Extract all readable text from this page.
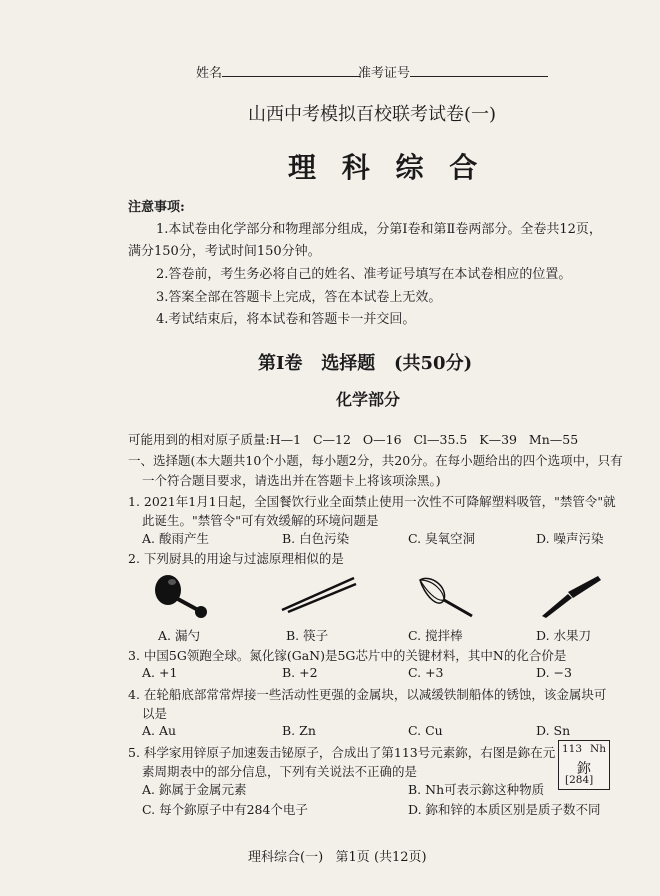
姓名	准考证号
山西中考模拟百校联考试卷(一)
理 科 综 合
注意事项:
1.本试卷由化学部分和物理部分组成，分第Ⅰ卷和第Ⅱ卷两部分。全卷共12页，
满分150分，考试时间150分钟。
2.答卷前，考生务必将自己的姓名、准考证号填写在本试卷相应的位置。
3.答案全部在答题卡上完成，答在本试卷上无效。
4.考试结束后，将本试卷和答题卡一并交回。
第Ⅰ卷   选择题   (共50分)
化学部分
可能用到的相对原子质量:H—1   C—12   O—16   Cl—35.5   K—39   Mn—55
一、选择题(本大题共10个小题，每小题2分，共20分。在每小题给出的四个选项中，只有
一个符合题目要求，请选出并在答题卡上将该项涂黑。)
1. 2021年1月1日起，全国餐饮行业全面禁止使用一次性不可降解塑料吸管，"禁管令"就
此诞生。"禁管令"可有效缓解的环境问题是
A. 酸雨产生	B. 白色污染	C. 臭氧空洞	D. 噪声污染
2. 下列厨具的用途与过滤原理相似的是
A. 漏勺	B. 筷子	C. 搅拌棒	D. 水果刀
3. 中国5G领跑全球。氮化镓(GaN)是5G芯片中的关键材料，其中N的化合价是
A. +1	B. +2	C. +3	D. −3
4. 在轮船底部常常焊接一些活动性更强的金属块，以减缓铁制船体的锈蚀，该金属块可
以是
A. Au	B. Zn	C. Cu	D. Sn
5. 科学家用锌原子加速轰击铋原子，合成出了第113号元素鉨，右图是鉨在元
素周期表中的部分信息，下列有关说法不正确的是
A. 鉨属于金属元素	B. Nh可表示鉨这种物质
C. 每个鉨原子中有284个电子	D. 鉨和锌的本质区别是质子数不同
113 Nh
鉨
[284]
理科综合(一)   第1页 (共12页)
